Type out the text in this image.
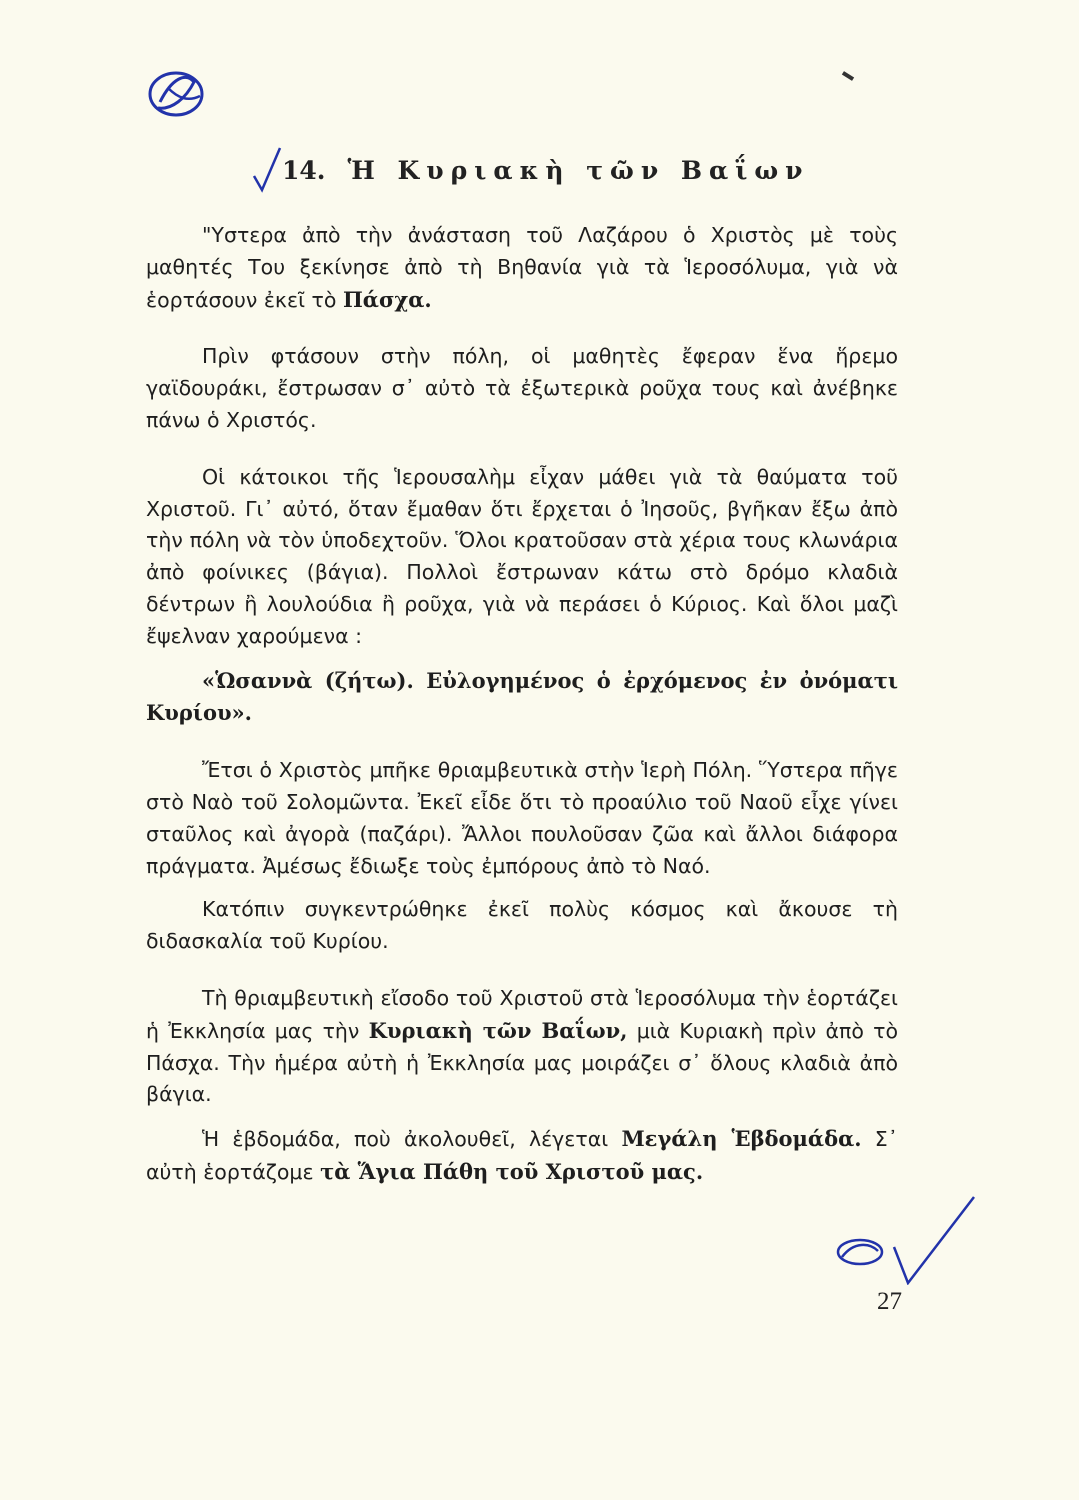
14. Ἡ Κυριακὴ τῶν Βαΐων

"Υστερα ἀπὸ τὴν ἀνάσταση τοῦ Λαζάρου ὁ Χριστὸς μὲ τοὺς μαθητές Του ξεκίνησε ἀπὸ τὴ Βηθανία γιὰ τὰ Ἱεροσόλυμα, γιὰ νὰ ἑορτάσουν ἐκεῖ τὸ Πάσχα.

Πρὶν φτάσουν στὴν πόλη, οἱ μαθητὲς ἔφεραν ἕνα ἥρεμο γαϊδουράκι, ἔστρωσαν σ᾿ αὐτὸ τὰ ἐξωτερικὰ ροῦχα τους καὶ ἀνέβηκε πάνω ὁ Χριστός.

Οἱ κάτοικοι τῆς Ἱερουσαλὴμ εἶχαν μάθει γιὰ τὰ θαύματα τοῦ Χριστοῦ. Γι᾿ αὐτό, ὅταν ἔμαθαν ὅτι ἔρχεται ὁ Ἰησοῦς, βγῆκαν ἔξω ἀπὸ τὴν πόλη νὰ τὸν ὑποδεχτοῦν. Ὅλοι κρατοῦσαν στὰ χέρια τους κλωνάρια ἀπὸ φοίνικες (βάγια). Πολλοὶ ἔστρωναν κάτω στὸ δρόμο κλαδιὰ δέντρων ἢ λουλούδια ἢ ροῦχα, γιὰ νὰ περάσει ὁ Κύριος. Καὶ ὅλοι μαζὶ ἔψελναν χαρούμενα :

«Ὡσαννὰ (ζήτω). Εὐλογημένος ὁ ἐρχόμενος ἐν ὀνόματι Κυρίου».

Ἔτσι ὁ Χριστὸς μπῆκε θριαμβευτικὰ στὴν Ἱερὴ Πόλη. Ὕστερα πῆγε στὸ Ναὸ τοῦ Σολομῶντα. Ἐκεῖ εἶδε ὅτι τὸ προαύλιο τοῦ Ναοῦ εἶχε γίνει σταῦλος καὶ ἀγορὰ (παζάρι). Ἄλλοι πουλοῦσαν ζῶα καὶ ἄλλοι διάφορα πράγματα. Ἀμέσως ἔδιωξε τοὺς ἐμπόρους ἀπὸ τὸ Ναό.

Κατόπιν συγκεντρώθηκε ἐκεῖ πολὺς κόσμος καὶ ἄκουσε τὴ διδασκαλία τοῦ Κυρίου.

Τὴ θριαμβευτικὴ εἴσοδο τοῦ Χριστοῦ στὰ Ἱεροσόλυμα τὴν ἑορτάζει ἡ Ἐκκλησία μας τὴν Κυριακὴ τῶν Βαΐων, μιὰ Κυριακὴ πρὶν ἀπὸ τὸ Πάσχα. Τὴν ἡμέρα αὐτὴ ἡ Ἐκκλησία μας μοιράζει σ᾿ ὅλους κλαδιὰ ἀπὸ βάγια.

Ἡ ἑβδομάδα, ποὺ ἀκολουθεῖ, λέγεται Μεγάλη Ἑβδομάδα. Σ᾿ αὐτὴ ἑορτάζομε τὰ Ἅγια Πάθη τοῦ Χριστοῦ μας.

27
